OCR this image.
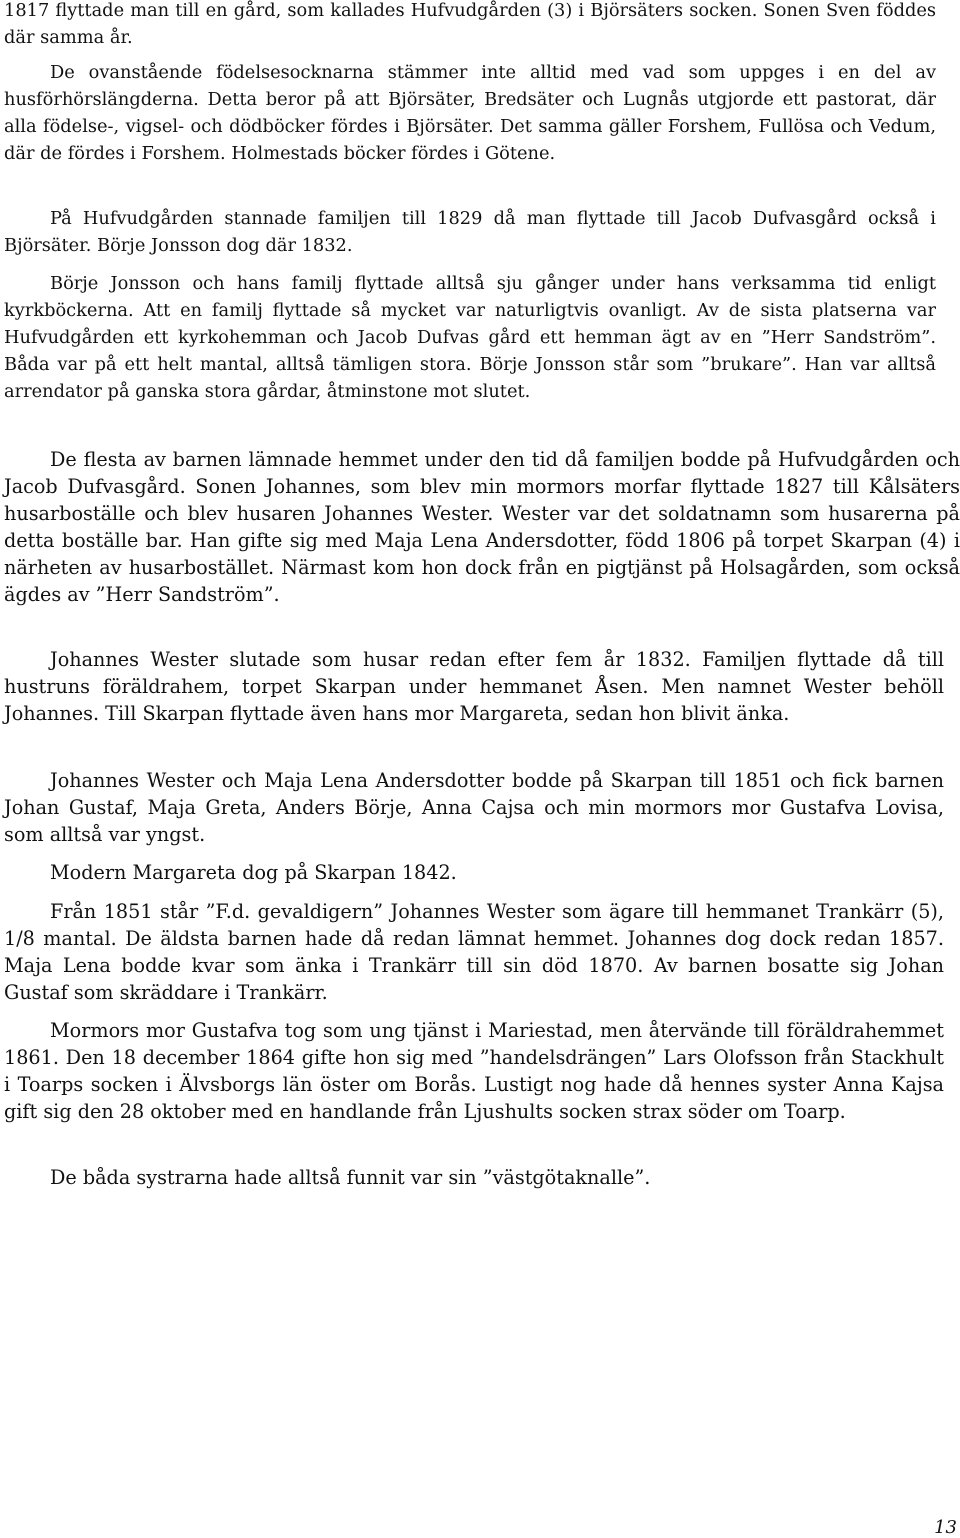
1817 flyttade man till en gård, som kallades Hufvudgården (3) i Björsäters socken. Sonen Sven föddes där samma år.

De ovanstående födelsesocknarna stämmer inte alltid med vad som uppges i en del av husförhörslängderna. Detta beror på att Björsäter, Bredsäter och Lugnås utgjorde ett pastorat, där alla födelse-, vigsel- och dödböcker fördes i Björsäter. Det samma gäller Forshem, Fullösa och Vedum, där de fördes i Forshem. Holmestads böcker fördes i Götene.

På Hufvudgården stannade familjen till 1829 då man flyttade till Jacob Dufvasgård också i Björsäter. Börje Jonsson dog där 1832.

Börje Jonsson och hans familj flyttade alltså sju gånger under hans verksamma tid enligt kyrkböckerna. Att en familj flyttade så mycket var naturligtvis ovanligt. Av de sista platserna var Hufvudgården ett kyrkohemman och Jacob Dufvas gård ett hemman ägt av en ”Herr Sandström”. Båda var på ett helt mantal, alltså tämligen stora. Börje Jonsson står som ”brukare”. Han var alltså arrendator på ganska stora gårdar, åtminstone mot slutet.

De flesta av barnen lämnade hemmet under den tid då familjen bodde på Hufvudgården och Jacob Dufvasgård. Sonen Johannes, som blev min mormors morfar flyttade 1827 till Kålsäters husarboställe och blev husaren Johannes Wester. Wester var det soldatnamn som husarerna på detta boställe bar. Han gifte sig med Maja Lena Andersdotter, född 1806 på torpet Skarpan (4) i närheten av husarbostället. Närmast kom hon dock från en pigtjänst på Holsagården, som också ägdes av ”Herr Sandström”.

Johannes Wester slutade som husar redan efter fem år 1832. Familjen flyttade då till hustruns föräldrahem, torpet Skarpan under hemmanet Åsen. Men namnet Wester behöll Johannes. Till Skarpan flyttade även hans mor Margareta, sedan hon blivit änka.

Johannes Wester och Maja Lena Andersdotter bodde på Skarpan till 1851 och fick barnen Johan Gustaf, Maja Greta, Anders Börje, Anna Cajsa och min mormors mor Gustafva Lovisa, som alltså var yngst.

Modern Margareta dog på Skarpan 1842.

Från 1851 står ”F.d. gevaldigern” Johannes Wester som ägare till hemmanet Trankärr (5), 1/8 mantal. De äldsta barnen hade då redan lämnat hemmet. Johannes dog dock redan 1857. Maja Lena bodde kvar som änka i Trankärr till sin död 1870. Av barnen bosatte sig Johan Gustaf som skräddare i Trankärr.

Mormors mor Gustafva tog som ung tjänst i Mariestad, men återvände till föräldrahemmet 1861. Den 18 december 1864 gifte hon sig med ”handelsdrängen” Lars Olofsson från Stackhult i Toarps socken i Älvsborgs län öster om Borås. Lustigt nog hade då hennes syster Anna Kajsa gift sig den 28 oktober med en handlande från Ljushults socken strax söder om Toarp.

De båda systrarna hade alltså funnit var sin ”västgötaknalle”.

13
